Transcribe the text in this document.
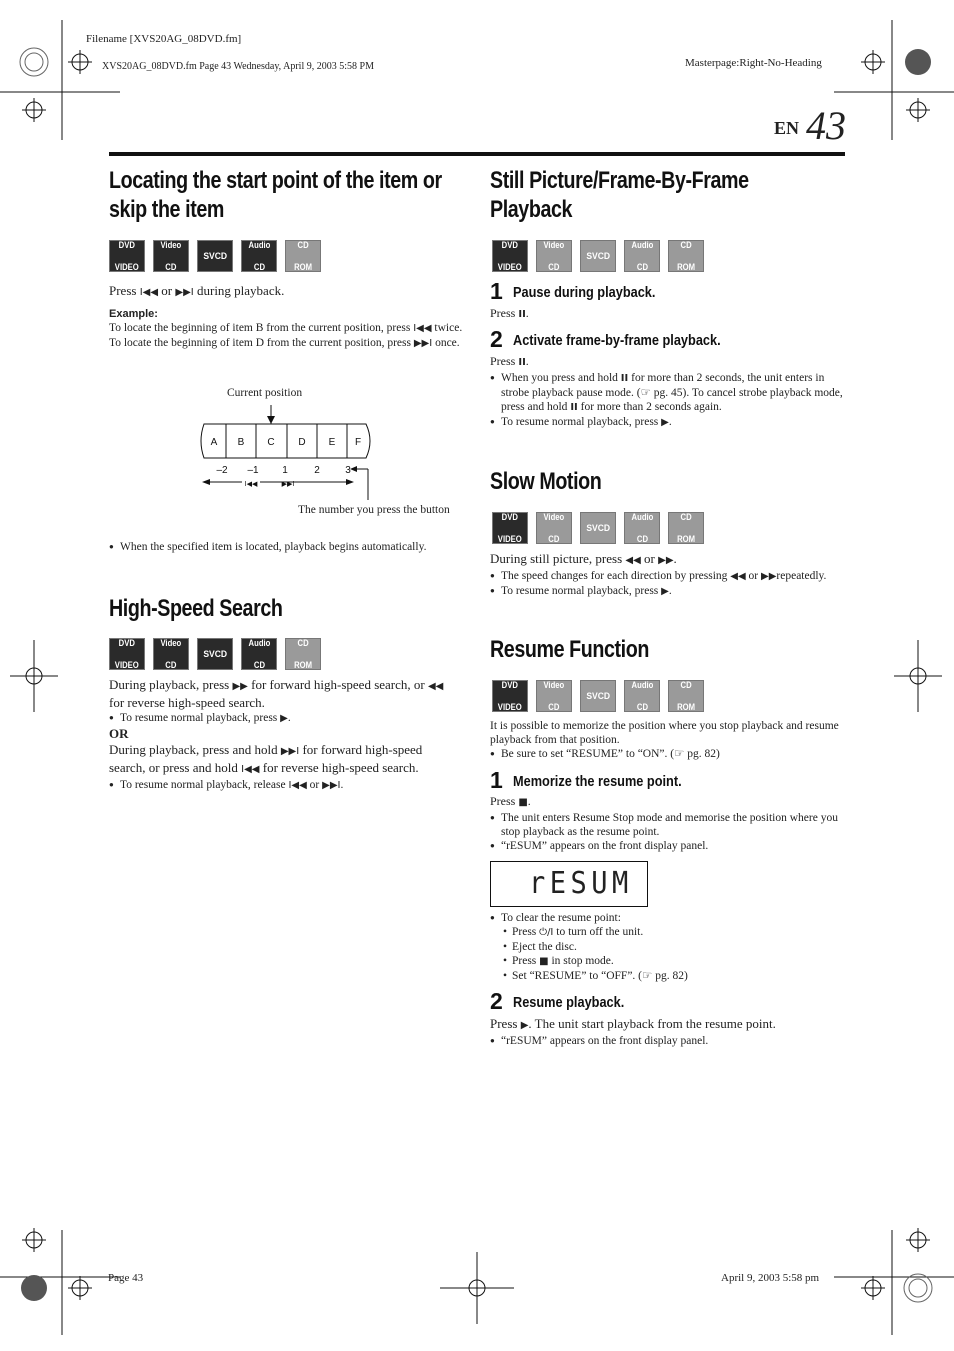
Filename [XVS20AG_08DVD.fm]
XVS20AG_08DVD.fm Page 43 Wednesday, April 9, 2003 5:58 PM	Masterpage:Right-No-Heading
EN 43
Locating the start point of the item or skip the item
DVD

VIDEO
Video

CD
SVCD
Audio

CD
CD

ROM
Press I◀◀ or ▶▶I during playback.
Example:
To locate the beginning of item B from the current position, press I◀◀ twice.
To locate the beginning of item D from the current position, press ▶▶I once.
Current position
A B C D E F
–2 –1 1	2	3
I◀◀	▶▶I
The number you press the button
● When the specified item is located, playback begins automatically.
High-Speed Search
DVD

VIDEO
Video

CD
SVCD
Audio

CD
CD

ROM
During playback, press ▶▶ for forward high-speed search, or ◀◀ for reverse high-speed search.
● To resume normal playback, press ▶.
OR
During playback, press and hold ▶▶I for forward high-speed search, or press and hold I◀◀ for reverse high-speed search.
● To resume normal playback, release I◀◀ or ▶▶I.
Still Picture/Frame-By-Frame Playback
DVD

VIDEO
Video

CD
SVCD
Audio

CD
CD

ROM
1 Pause during playback.
Press II.
2 Activate frame-by-frame playback.
Press II.
● When you press and hold II for more than 2 seconds, the unit enters in strobe playback pause mode. (☞ pg. 45). To cancel strobe playback mode, press and hold II for more than 2 seconds again.
● To resume normal playback, press ▶.
Slow Motion
DVD

VIDEO
Video

CD
SVCD
Audio

CD
CD

ROM
During still picture, press ◀◀ or ▶▶.
● The speed changes for each direction by pressing ◀◀ or ▶▶repeatedly.
● To resume normal playback, press ▶.
Resume Function
DVD

VIDEO
Video

CD
SVCD
Audio

CD
CD

ROM
It is possible to memorize the position where you stop playback and resume playback from that position.
● Be sure to set “RESUME” to “ON”. (☞ pg. 82)
1 Memorize the resume point.
Press ■.
● The unit enters Resume Stop mode and memorise the position where you stop playback as the resume point.
● “rESUM” appears on the front display panel.
rESUM
● To clear the resume point:
• Press ⏻/I to turn off the unit.
• Eject the disc.
• Press ■ in stop mode.
• Set “RESUME” to “OFF”. (☞ pg. 82)
2 Resume playback.
Press ▶. The unit start playback from the resume point.
● “rESUM” appears on the front display panel.
Page 43	April 9, 2003 5:58 pm
